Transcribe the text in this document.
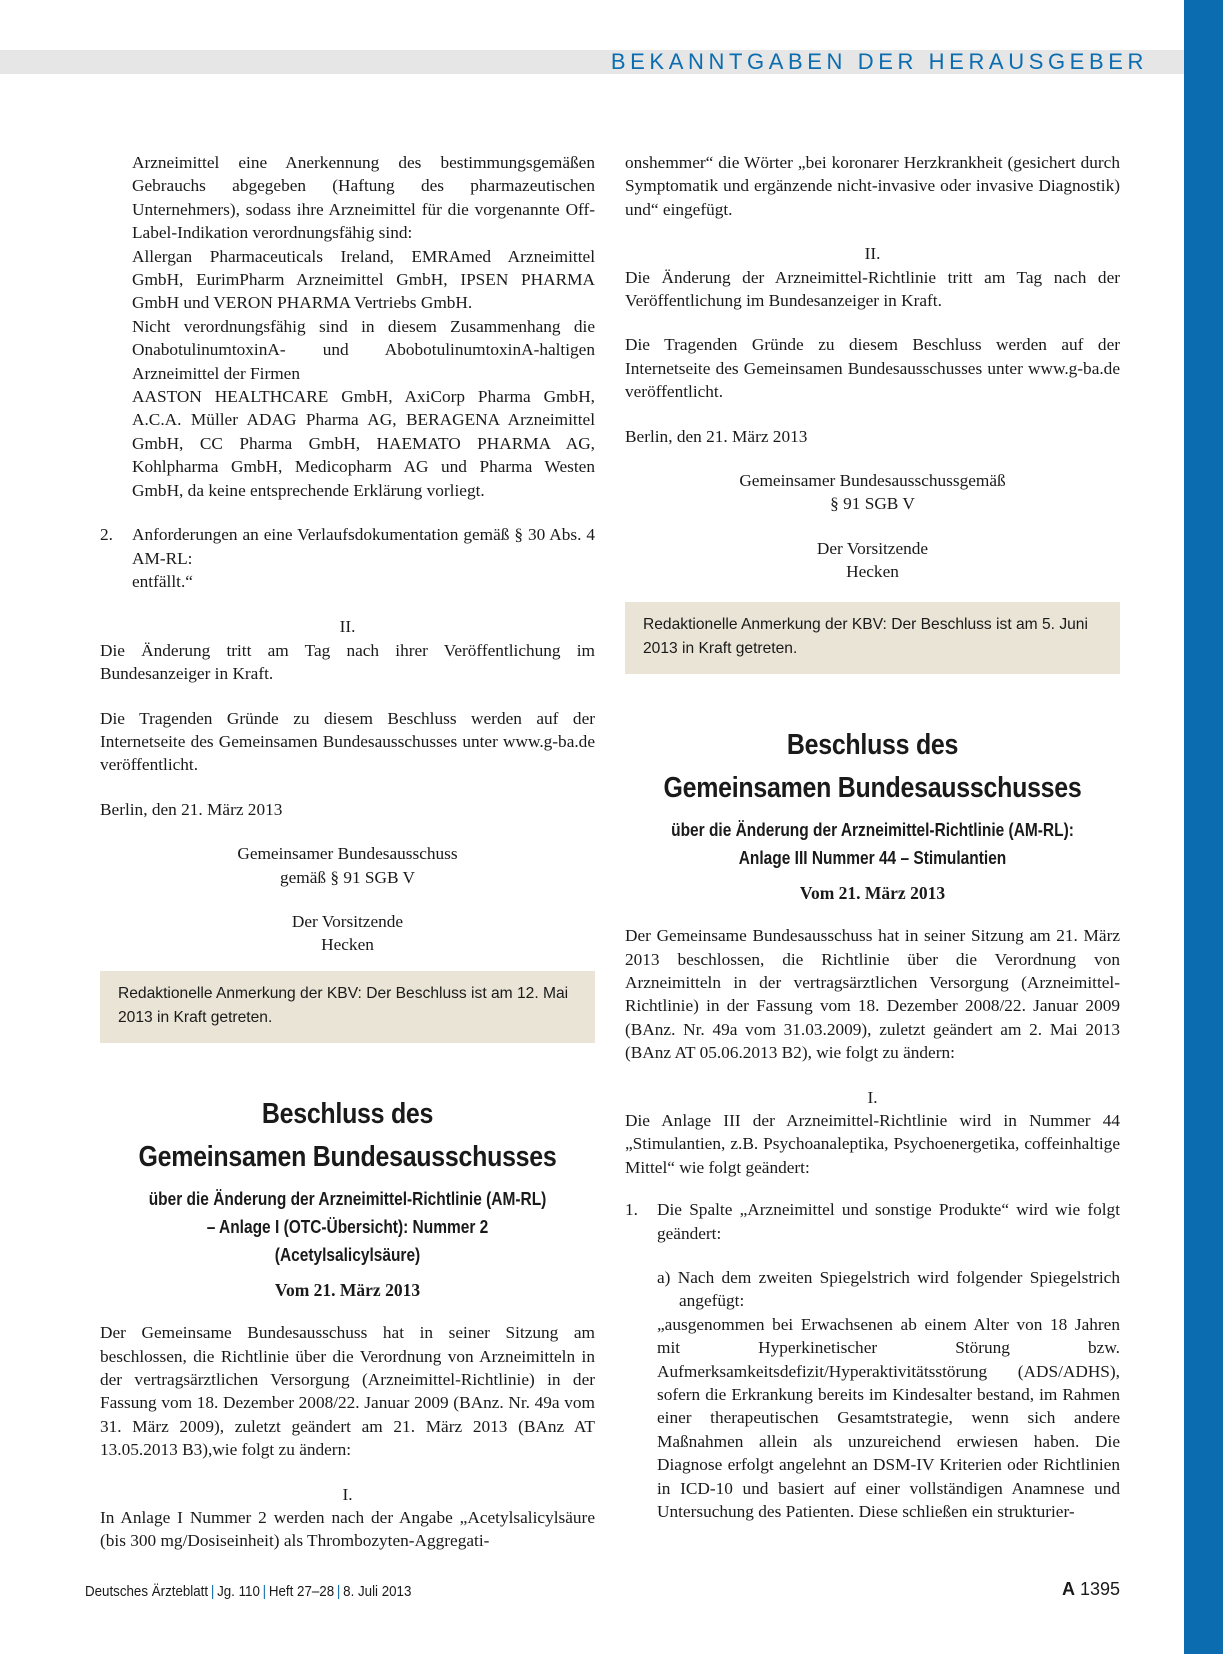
BEKANNTGABEN DER HERAUSGEBER

Arzneimittel eine Anerkennung des bestimmungsgemäßen Gebrauchs abgegeben (Haftung des pharmazeutischen Unternehmers), sodass ihre Arzneimittel für die vorgenannte Off-Label-Indikation verordnungsfähig sind:

Allergan Pharmaceuticals Ireland, EMRAmed Arzneimittel GmbH, EurimPharm Arzneimittel GmbH, IPSEN PHARMA GmbH und VERON PHARMA Vertriebs GmbH.

Nicht verordnungsfähig sind in diesem Zusammenhang die OnabotulinumtoxinA- und AbobotulinumtoxinA-haltigen Arzneimittel der Firmen

AASTON HEALTHCARE GmbH, AxiCorp Pharma GmbH, A.C.A. Müller ADAG Pharma AG, BERAGENA Arzneimittel GmbH, CC Pharma GmbH, HAEMATO PHARMA AG, Kohlpharma GmbH, Medicopharm AG und Pharma Westen GmbH, da keine entsprechende Erklärung vorliegt.

2.	Anforderungen an eine Verlaufsdokumentation gemäß § 30 Abs. 4 AM-RL:

entfällt.“

II.

Die Änderung tritt am Tag nach ihrer Veröffentlichung im Bundesanzeiger in Kraft.

Die Tragenden Gründe zu diesem Beschluss werden auf der Internetseite des Gemeinsamen Bundesausschusses unter www.g-ba.de veröffentlicht.

Berlin, den 21. März 2013

Gemeinsamer Bundesausschuss

gemäß § 91 SGB V

Der Vorsitzende

Hecken

Redaktionelle Anmerkung der KBV: Der Beschluss ist am 12. Mai 2013 in Kraft getreten.
Beschluss des
Gemeinsamen Bundesausschusses
über die Änderung der Arzneimittel-Richtlinie (AM-RL)
– Anlage I (OTC-Übersicht): Nummer 2 (Acetylsalicylsäure)

Vom 21. März 2013

Der Gemeinsame Bundesausschuss hat in seiner Sitzung am beschlossen, die Richtlinie über die Verordnung von Arzneimitteln in der vertragsärztlichen Versorgung (Arzneimittel-Richtlinie) in der Fassung vom 18. Dezember 2008/22. Januar 2009 (BAnz. Nr. 49a vom 31. März 2009), zuletzt geändert am 21. März 2013 (BAnz AT 13.05.2013 B3),wie folgt zu ändern:

I.

In Anlage I Nummer 2 werden nach der Angabe „Acetylsalicylsäure (bis 300 mg/Dosiseinheit) als Thrombozyten-Aggregati-

onshemmer“ die Wörter „bei koronarer Herzkrankheit (gesichert durch Symptomatik und ergänzende nicht-invasive oder invasive Diagnostik) und“ eingefügt.

II.

Die Änderung der Arzneimittel-Richtlinie tritt am Tag nach der Veröffentlichung im Bundesanzeiger in Kraft.

Die Tragenden Gründe zu diesem Beschluss werden auf der Internetseite des Gemeinsamen Bundesausschusses unter www.g-ba.de veröffentlicht.

Berlin, den 21. März 2013

Gemeinsamer Bundesausschussgemäß

§ 91 SGB V

Der Vorsitzende

Hecken

Redaktionelle Anmerkung der KBV: Der Beschluss ist am 5. Juni 2013 in Kraft getreten.
Beschluss des
Gemeinsamen Bundesausschusses
über die Änderung der Arzneimittel-Richtlinie (AM-RL):
Anlage III Nummer 44 – Stimulantien

Vom 21. März 2013

Der Gemeinsame Bundesausschuss hat in seiner Sitzung am 21. März 2013 beschlossen, die Richtlinie über die Verordnung von Arzneimitteln in der vertragsärztlichen Versorgung (Arzneimittel-Richtlinie) in der Fassung vom 18. Dezember 2008/22. Januar 2009 (BAnz. Nr. 49a vom 31.03.2009), zuletzt geändert am 2. Mai 2013 (BAnz AT 05.06.2013 B2), wie folgt zu ändern:

I.

Die Anlage III der Arzneimittel-Richtlinie wird in Nummer 44 „Stimulantien, z.B. Psychoanaleptika, Psychoenergetika, coffeinhaltige Mittel“ wie folgt geändert:

1.	Die Spalte „Arzneimittel und sonstige Produkte“ wird wie folgt geändert:

a) Nach dem zweiten Spiegelstrich wird folgender Spiegelstrich angefügt:

„ausgenommen bei Erwachsenen ab einem Alter von 18 Jahren mit Hyperkinetischer Störung bzw. Aufmerksamkeitsdefizit/Hyperaktivitätsstörung (ADS/ADHS), sofern die Erkrankung bereits im Kindesalter bestand, im Rahmen einer therapeutischen Gesamtstrategie, wenn sich andere Maßnahmen allein als unzureichend erwiesen haben. Die Diagnose erfolgt angelehnt an DSM-IV Kriterien oder Richtlinien in ICD-10 und basiert auf einer vollständigen Anamnese und Untersuchung des Patienten. Diese schließen ein strukturier-

Deutsches Ärzteblatt | Jg. 110 | Heft 27–28 | 8. Juli 2013	A 1395
